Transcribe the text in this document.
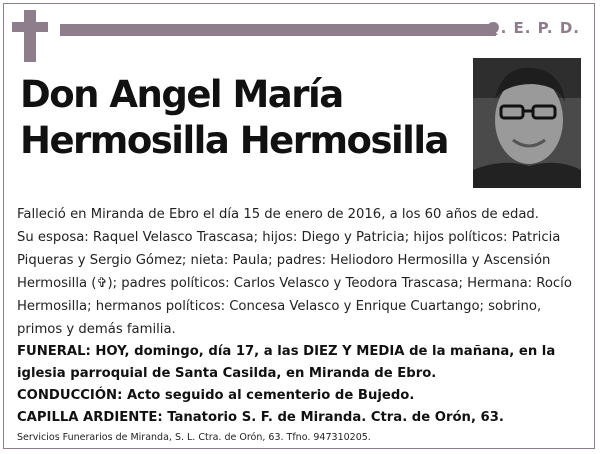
Q. E. P. D.
Don Angel María
Hermosilla Hermosilla

Falleció en Miranda de Ebro el día 15 de enero de 2016, a los 60 años de edad.

Su esposa: Raquel Velasco Trascasa; hijos: Diego y Patricia; hijos políticos: Patricia Piqueras y Sergio Gómez; nieta: Paula; padres: Heliodoro Hermosilla y Ascensión Hermosilla (✞); padres políticos: Carlos Velasco y Teodora Trascasa; Hermana: Rocío Hermosilla; hermanos políticos: Concesa Velasco y Enrique Cuartango; sobrino, primos y demás familia.

FUNERAL: HOY, domingo, día 17, a las DIEZ Y MEDIA de la mañana, en la iglesia parroquial de Santa Casilda, en Miranda de Ebro.

CONDUCCIÓN: Acto seguido al cementerio de Bujedo.

CAPILLA ARDIENTE: Tanatorio S. F. de Miranda. Ctra. de Orón, 63.

Servicios Funerarios de Miranda, S. L. Ctra. de Orón, 63. Tfno. 947310205.
